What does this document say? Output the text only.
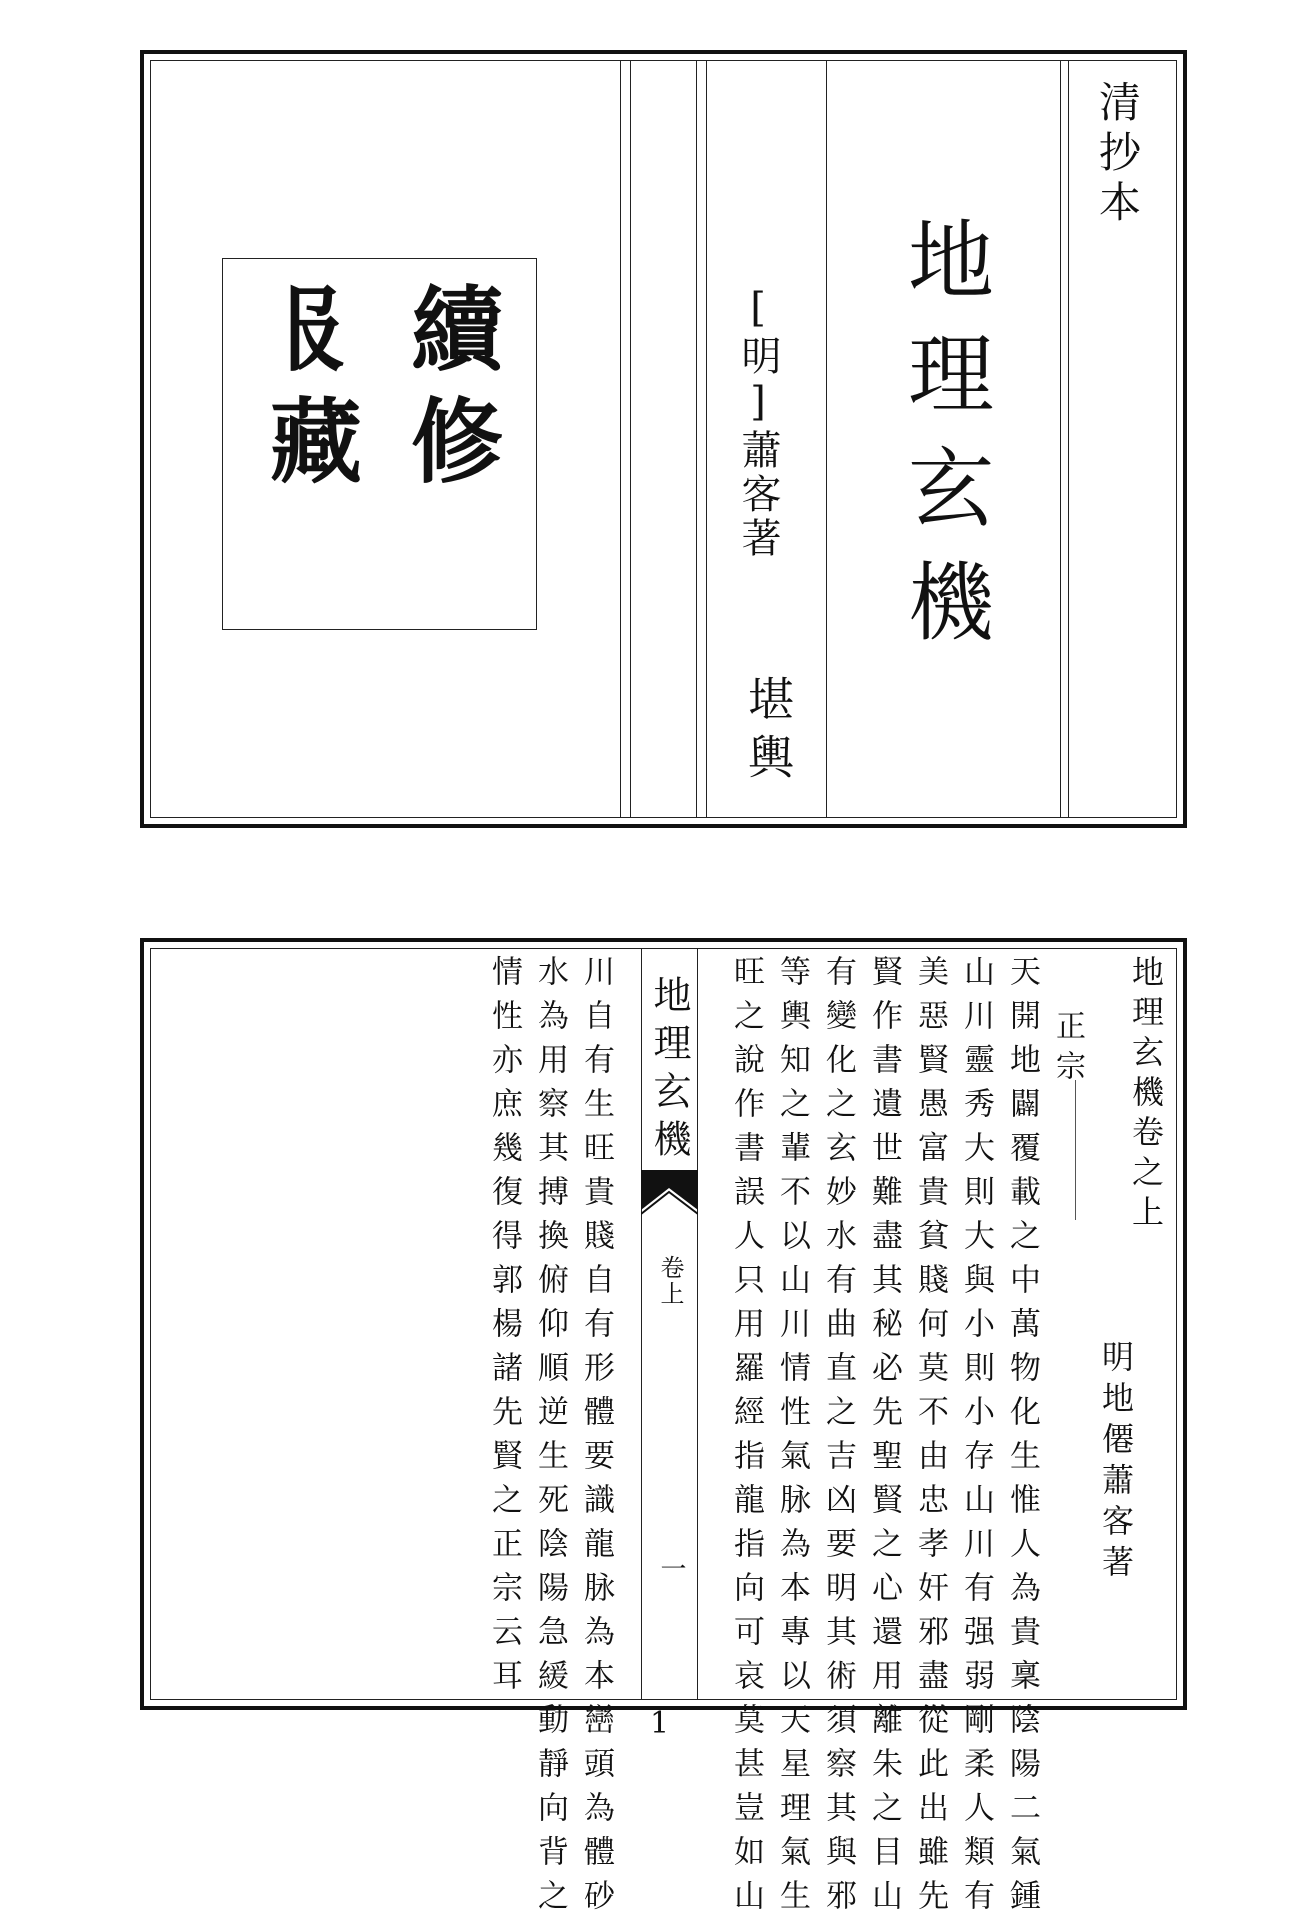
續修
𠬝藏	[明]蕭客著
堪輿
地理玄機
清抄本
地理玄機
卷上
一
地理玄機卷之上
明地僊蕭客著
正宗
天開地闢覆載之中萬物化生惟人為貴稟陰陽二氣鍾
山川靈秀大則大與小則小存山川有强弱剛柔人類有
美惡賢愚富貴貧賤何莫不由忠孝奸邪盡從此出雖先
賢作書遺世難盡其秘必先聖賢之心還用離朱之目山
有變化之玄妙水有曲直之吉凶要明其術須察其與邪
等輿知之輩不以山川情性氣脉為本專以天星理氣生
旺之說作書誤人只用羅經指龍指向可哀莫甚豈如山
川自有生旺貴賤自有形體要識龍脉為本巒頭為體砂
水為用察其搏換俯仰順逆生死陰陽急緩動靜向背之
情性亦庶幾復得郭楊諸先賢之正宗云耳
1
